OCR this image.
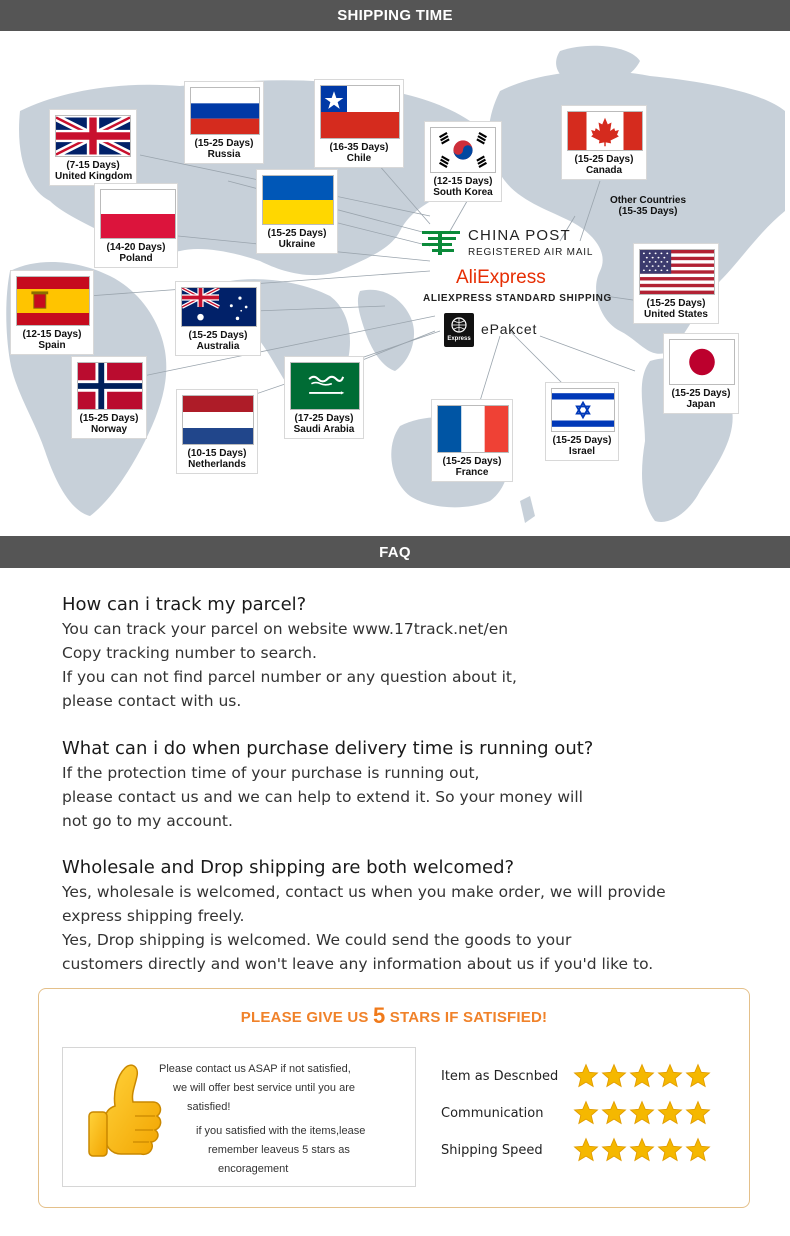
SHIPPING TIME
(7-15 Days)
United Kingdom
(15-25 Days)
Russia
(16-35 Days)
Chile
(12-15 Days)
South Korea
(15-25 Days)
Canada
(15-25 Days)
Ukraine
(14-20 Days)
Poland
(12-15 Days)
Spain
(15-25 Days)
Australia
(15-25 Days)
United States
(15-25 Days)
Norway
(17-25 Days)
Saudi Arabia
(10-15 Days)
Netherlands
(15-25 Days)
Japan
(15-25 Days)
France
(15-25 Days)
Israel
Other Countries
(15-35 Days)
CHINA POST
REGISTERED AIR MAIL
AliExpress
ALIEXPRESS STANDARD SHIPPING
Express
ePakcet
FAQ
How can i track my parcel?

You can track your parcel on website www.17track.net/en

Copy tracking number to search.

If you can not find parcel number or any question about it,

please contact with us.

What can i do when purchase delivery time is running out?

If the protection time of your purchase is running out,

please contact us and we can help to extend it. So your money will

not go to my account.

Wholesale and Drop shipping are both welcomed?

Yes, wholesale is welcomed, contact us when you make order, we will provide

express shipping freely.

Yes, Drop shipping is welcomed. We could send the goods to your

customers directly and won't leave any information about us if you'd like to.

PLEASE GIVE US 5 STARS IF SATISFIED!
Please contact us ASAP if not satisfied,
we will offer best service until you are
satisfied!
if you satisfied with the items,lease
remember leaveus 5 stars as
encoragement
Item as Descnbed
Communication
Shipping Speed
